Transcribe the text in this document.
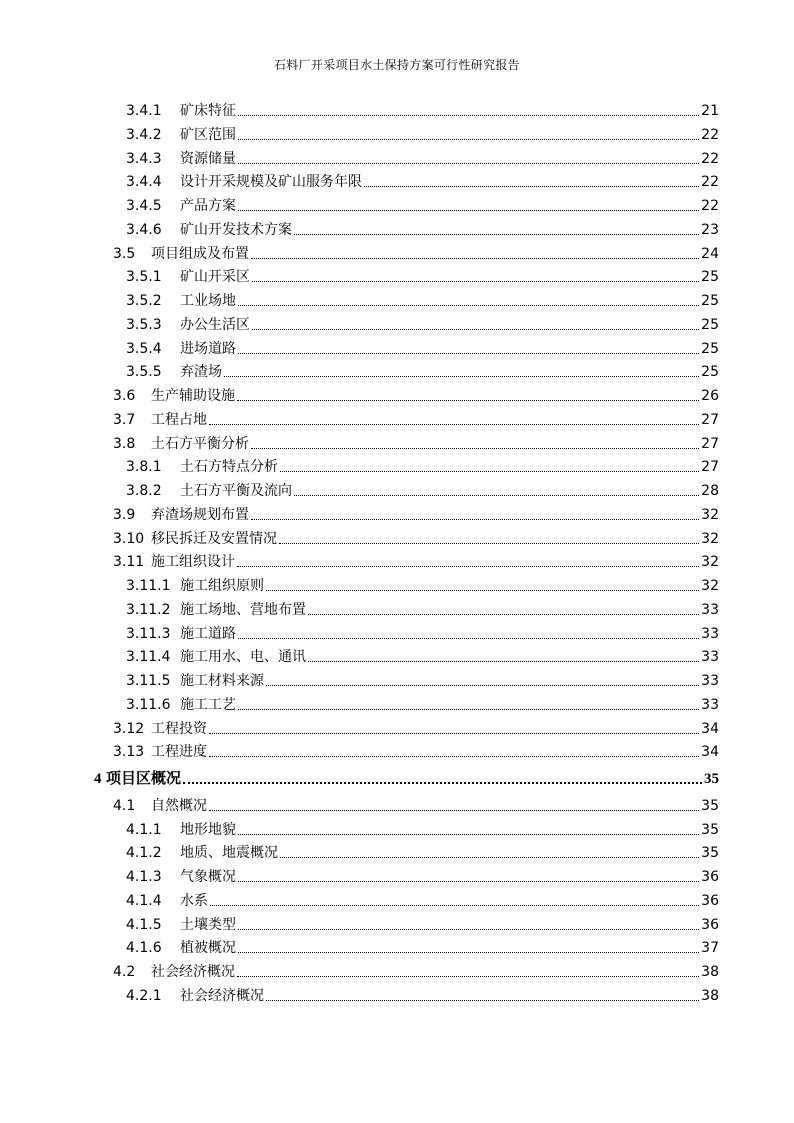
石料厂开采项目水土保持方案可行性研究报告
3.4.1	矿床特征	21
3.4.2	矿区范围	22
3.4.3	资源储量	22
3.4.4	设计开采规模及矿山服务年限	22
3.4.5	产品方案	22
3.4.6	矿山开发技术方案	23
3.5	项目组成及布置	24
3.5.1	矿山开采区	25
3.5.2	工业场地	25
3.5.3	办公生活区	25
3.5.4	进场道路	25
3.5.5	弃渣场	25
3.6	生产辅助设施	26
3.7	工程占地	27
3.8	土石方平衡分析	27
3.8.1	土石方特点分析	27
3.8.2	土石方平衡及流向	28
3.9	弃渣场规划布置	32
3.10 移民拆迁及安置情况	32
3.11 施工组织设计	32
3.11.1 施工组织原则	32
3.11.2 施工场地、营地布置	33
3.11.3 施工道路	33
3.11.4 施工用水、电、通讯	33
3.11.5 施工材料来源	33
3.11.6 施工工艺	33
3.12 工程投资	34
3.13 工程进度	34
4 项目区概况	35
4.1	自然概况	35
4.1.1	地形地貌	35
4.1.2	地质、地震概况	35
4.1.3	气象概况	36
4.1.4	水系	36
4.1.5	土壤类型	36
4.1.6	植被概况	37
4.2	社会经济概况	38
4.2.1	社会经济概况	38
